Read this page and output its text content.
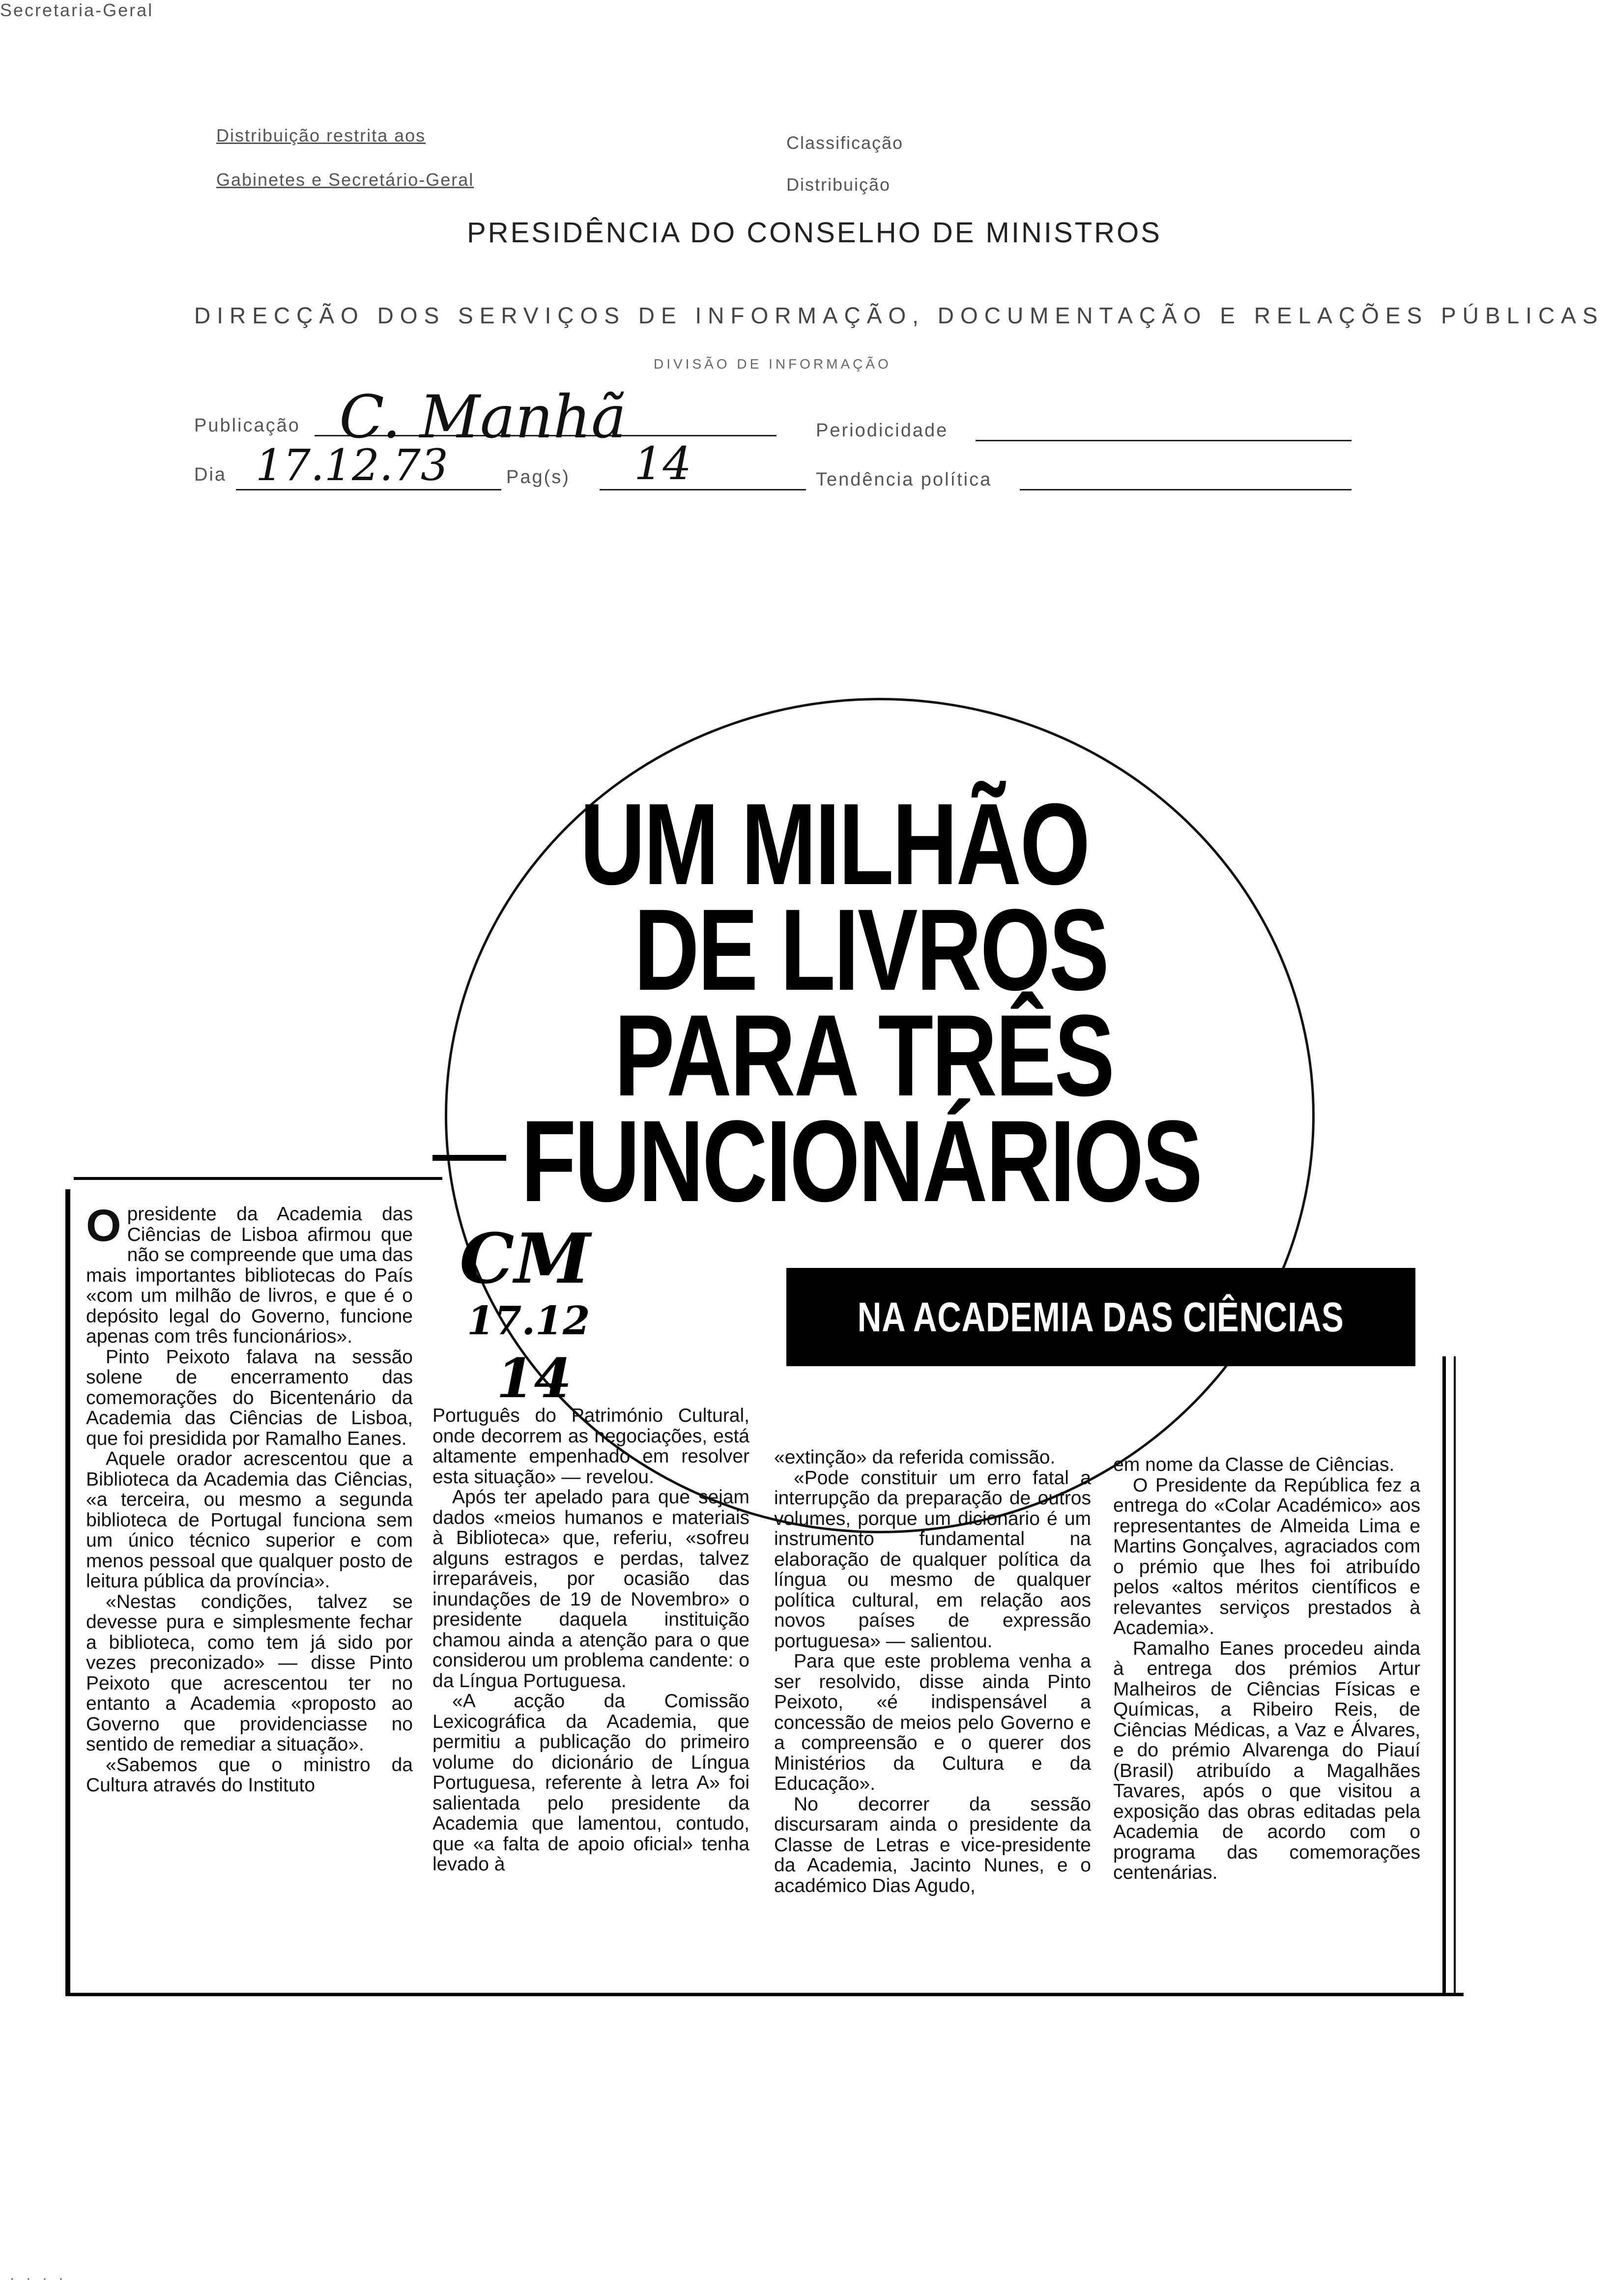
Distribuição restrita aos
Gabinetes e Secretário-Geral
Classificação
Distribuição
PRESIDÊNCIA DO CONSELHO DE MINISTROS
Secretaria-Geral
DIRECÇÃO DOS SERVIÇOS DE INFORMAÇÃO, DOCUMENTAÇÃO E RELAÇÕES PÚBLICAS
DIVISÃO DE INFORMAÇÃO
Publicação C. Manhã	Periodicidade
Dia 17.12.73	Pag(s) 14	Tendência política
UM MILHÃO
DE LIVROS
PARA TRÊS
FUNCIONÁRIOS
NA ACADEMIA DAS CIÊNCIAS
CM
17.12
14

O presidente da Academia das Ciências de Lisboa afirmou que não se compreende que uma das mais importantes bibliotecas do País «com um milhão de livros, e que é o depósito legal do Governo, funcione apenas com três funcionários».

Pinto Peixoto falava na sessão solene de encerramento das comemorações do Bicentenário da Academia das Ciências de Lisboa, que foi presidida por Ramalho Eanes.

Aquele orador acrescentou que a Biblioteca da Academia das Ciências, «a terceira, ou mesmo a segunda biblioteca de Portugal funciona sem um único técnico superior e com menos pessoal que qualquer posto de leitura pública da província».

«Nestas condições, talvez se devesse pura e simplesmente fechar a biblioteca, como tem já sido por vezes preconizado» — disse Pinto Peixoto que acrescentou ter no entanto a Academia «proposto ao Governo que providenciasse no sentido de remediar a situação».

«Sabemos que o ministro da Cultura através do Instituto

Português do Património Cultural, onde decorrem as negociações, está altamente empenhado em resolver esta situação» — revelou.

Após ter apelado para que sejam dados «meios humanos e materiais à Biblioteca» que, referiu, «sofreu alguns estragos e perdas, talvez irreparáveis, por ocasião das inundações de 19 de Novembro» o presidente daquela instituição chamou ainda a atenção para o que considerou um problema candente: o da Língua Portuguesa.

«A acção da Comissão Lexicográfica da Academia, que permitiu a publicação do primeiro volume do dicionário de Língua Portuguesa, referente à letra A» foi salientada pelo presidente da Academia que lamentou, contudo, que «a falta de apoio oficial» tenha levado à

«extinção» da referida comissão.

«Pode constituir um erro fatal a interrupção da preparação de outros volumes, porque um dicionário é um instrumento fundamental na elaboração de qualquer política da língua ou mesmo de qualquer política cultural, em relação aos novos países de expressão portuguesa» — salientou.

Para que este problema venha a ser resolvido, disse ainda Pinto Peixoto, «é indispensável a concessão de meios pelo Governo e a compreensão e o querer dos Ministérios da Cultura e da Educação».

No decorrer da sessão discursaram ainda o presidente da Classe de Letras e vice-presidente da Academia, Jacinto Nunes, e o académico Dias Agudo,

em nome da Classe de Ciências.

O Presidente da República fez a entrega do «Colar Académico» aos representantes de Almeida Lima e Martins Gonçalves, agraciados com o prémio que lhes foi atribuído pelos «altos méritos científicos e relevantes serviços prestados à Academia».

Ramalho Eanes procedeu ainda à entrega dos prémios Artur Malheiros de Ciências Físicas e Químicas, a Ribeiro Reis, de Ciências Médicas, a Vaz e Álvares, e do prémio Alvarenga do Piauí (Brasil) atribuído a Magalhães Tavares, após o que visitou a exposição das obras editadas pela Academia de acordo com o programa das comemorações centenárias.

· · · ·
